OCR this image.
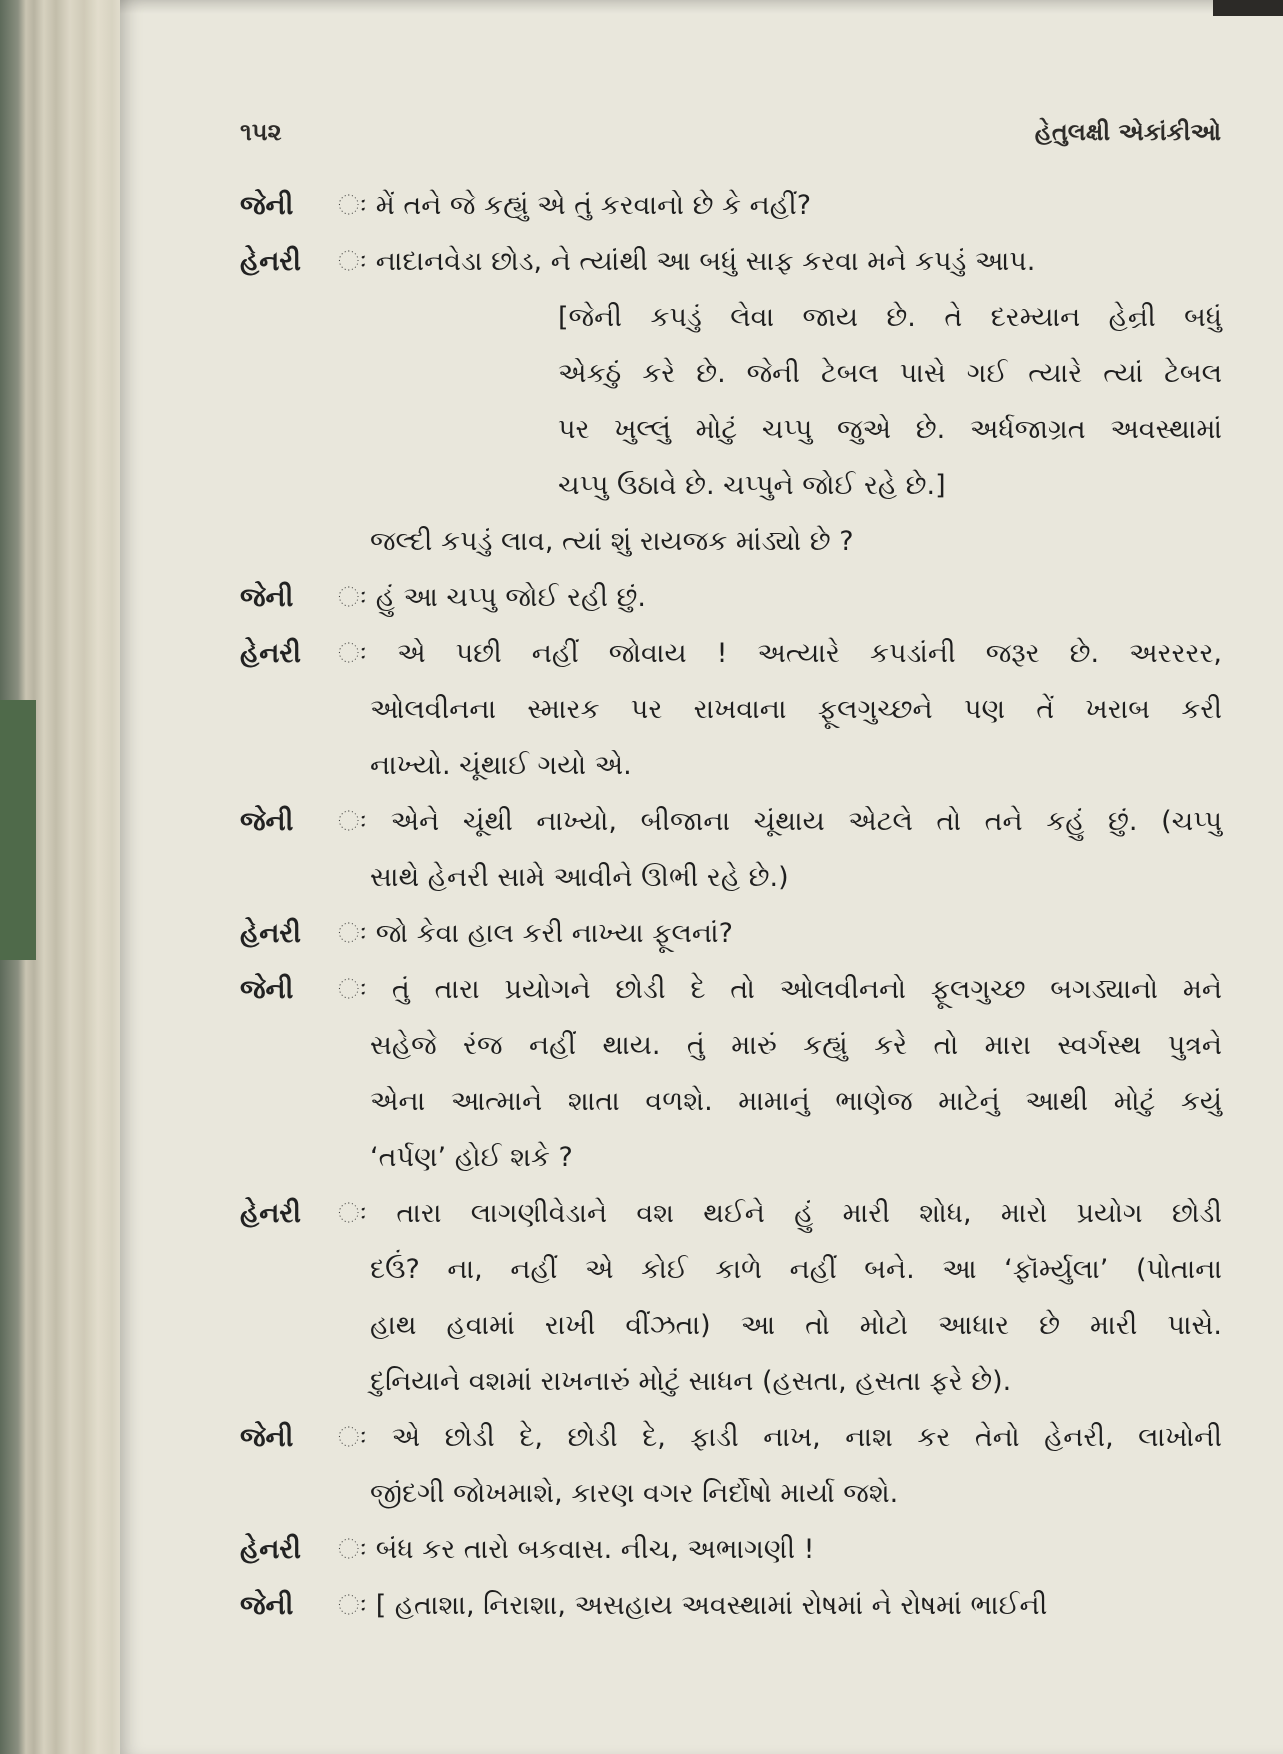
૧૫૨	હેતુલક્ષી એકાંકીઓ
જેની	ઃ મેં તને જે કહ્યું એ તું કરવાનો છે કે નહીં?
હેનરી	ઃ નાદાનવેડા છોડ, ને ત્યાંથી આ બધું સાફ કરવા મને કપડું આપ.
[જેની કપડું લેવા જાય છે. તે દરમ્યાન હેન્રી બધું
એકઠું કરે છે. જેની ટેબલ પાસે ગઈ ત્યારે ત્યાં ટેબલ
પર ખુલ્લું મોટું ચપ્પુ જુએ છે. અર્ધજાગ્રત અવસ્થામાં
ચપ્પુ ઉઠાવે છે. ચપ્પુને જોઈ રહે છે.]
જલ્દી કપડું લાવ, ત્યાં શું રાયજક માંડ્યો છે ?
જેની	ઃ હું આ ચપ્પુ જોઈ રહી છું.
હેનરી	ઃ એ પછી નહીં જોવાય ! અત્યારે કપડાંની જરૂર છે. અરરરર,
ઓલવીનના સ્મારક પર રાખવાના ફૂલગુચ્છને પણ તેં ખરાબ કરી
નાખ્યો. ચૂંથાઈ ગયો એ.
જેની	ઃ એને ચૂંથી નાખ્યો, બીજાના ચૂંથાય એટલે તો તને કહું છું. (ચપ્પુ
સાથે હેનરી સામે આવીને ઊભી રહે છે.)
હેનરી	ઃ જો કેવા હાલ કરી નાખ્યા ફૂલનાં?
જેની	ઃ તું તારા પ્રયોગને છોડી દે તો ઓલવીનનો ફૂલગુચ્છ બગડ્યાનો મને
સહેજે રંજ નહીં થાય. તું મારું કહ્યું કરે તો મારા સ્વર્ગસ્થ પુત્રને
એના આત્માને શાતા વળશે. મામાનું ભાણેજ માટેનું આથી મોટું કયું
‘તર્પણ’ હોઈ શકે ?
હેનરી	ઃ તારા લાગણીવેડાને વશ થઈને હું મારી શોધ, મારો પ્રયોગ છોડી
દઉં? ના, નહીં એ કોઈ કાળે નહીં બને. આ ‘ફૉર્મ્યુલા’ (પોતાના
હાથ હવામાં રાખી વીંઝતા) આ તો મોટો આધાર છે મારી પાસે.
દુનિયાને વશમાં રાખનારું મોટું સાધન (હસતા, હસતા ફરે છે).
જેની	ઃ એ છોડી દે, છોડી દે, ફાડી નાખ, નાશ કર તેનો હેનરી, લાખોની
જીંદગી જોખમાશે, કારણ વગર નિર્દોષો માર્યા જશે.
હેનરી	ઃ બંધ કર તારો બકવાસ. નીચ, અભાગણી !
જેની	ઃ [ હતાશા, નિરાશા, અસહાય અવસ્થામાં રોષમાં ને રોષમાં ભાઈની
